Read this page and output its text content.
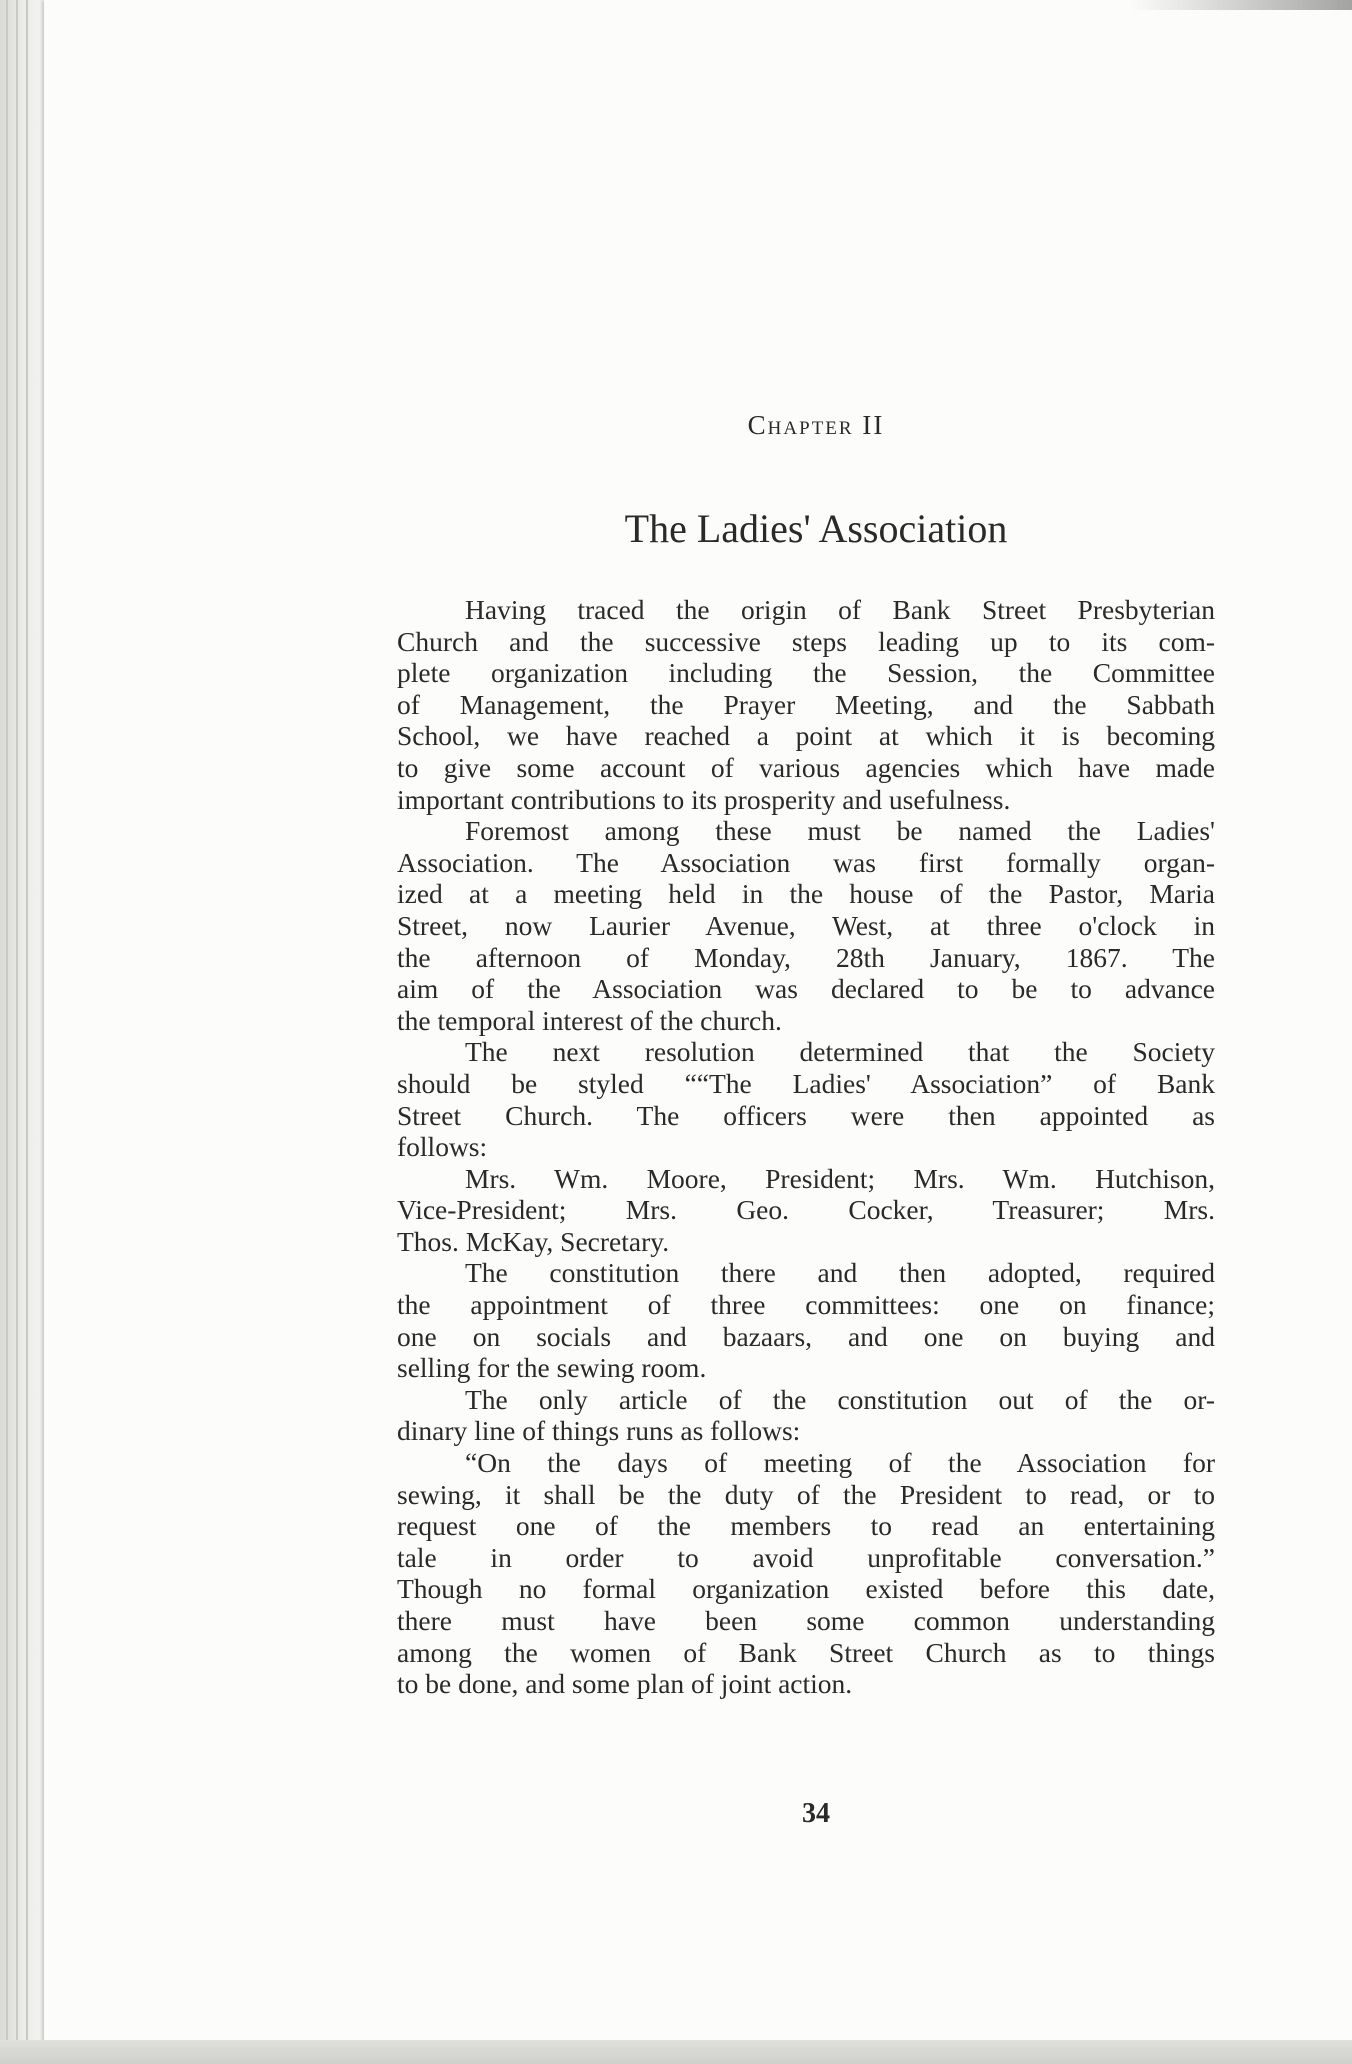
Chapter II
The Ladies' Association

Having traced the origin of Bank Street Presbyterian
Church and the successive steps leading up to its com-
plete organization including the Session, the Committee
of Management, the Prayer Meeting, and the Sabbath
School, we have reached a point at which it is becoming
to give some account of various agencies which have made
important contributions to its prosperity and usefulness.

Foremost among these must be named the Ladies'
Association. The Association was first formally organ-
ized at a meeting held in the house of the Pastor, Maria
Street, now Laurier Avenue, West, at three o'clock in
the afternoon of Monday, 28th January, 1867. The
aim of the Association was declared to be to advance
the temporal interest of the church.

The next resolution determined that the Society
should be styled ““The Ladies' Association” of Bank
Street Church. The officers were then appointed as
follows:

Mrs. Wm. Moore, President; Mrs. Wm. Hutchison,
Vice-President; Mrs. Geo. Cocker, Treasurer; Mrs.
Thos. McKay, Secretary.

The constitution there and then adopted, required
the appointment of three committees: one on finance;
one on socials and bazaars, and one on buying and
selling for the sewing room.

The only article of the constitution out of the or-
dinary line of things runs as follows:

“On the days of meeting of the Association for
sewing, it shall be the duty of the President to read, or to
request one of the members to read an entertaining
tale in order to avoid unprofitable conversation.”
Though no formal organization existed before this date,
there must have been some common understanding
among the women of Bank Street Church as to things
to be done, and some plan of joint action.

34
